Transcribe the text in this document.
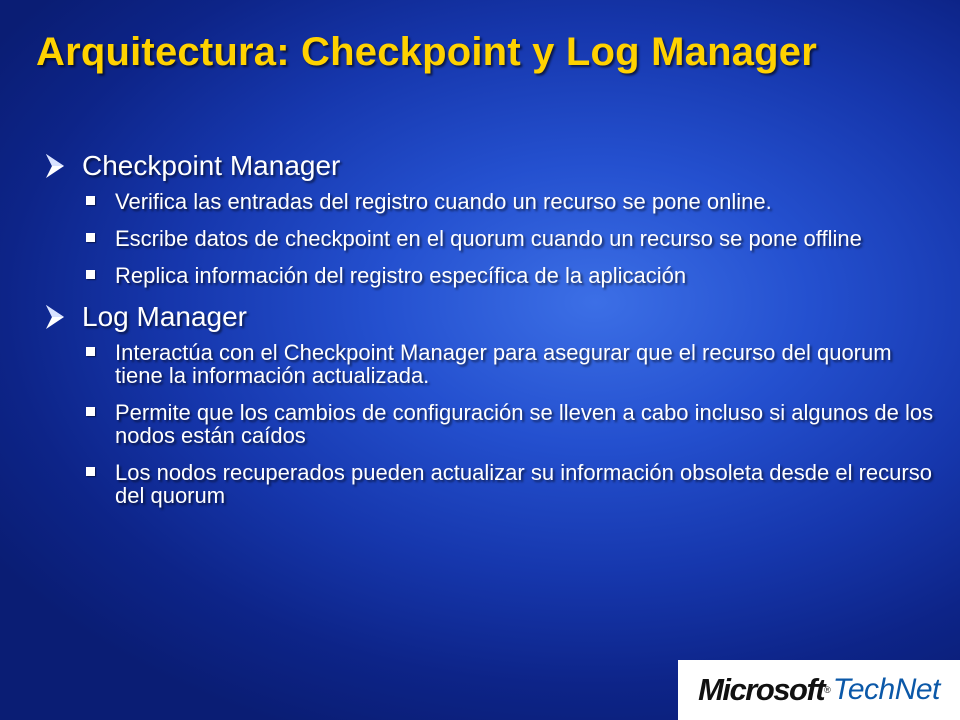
Arquitectura: Checkpoint y Log Manager
Checkpoint Manager
Verifica las entradas del registro cuando un recurso se pone online.
Escribe datos de checkpoint en el quorum cuando un recurso se pone offline
Replica información del registro específica de la aplicación
Log Manager
Interactúa con el Checkpoint Manager para asegurar que el recurso del quorum tiene la información actualizada.
Permite que los cambios de configuración se lleven a cabo incluso si algunos de los nodos están caídos
Los nodos recuperados pueden actualizar su información obsoleta desde el recurso del quorum
Microsoft ® TechNet
